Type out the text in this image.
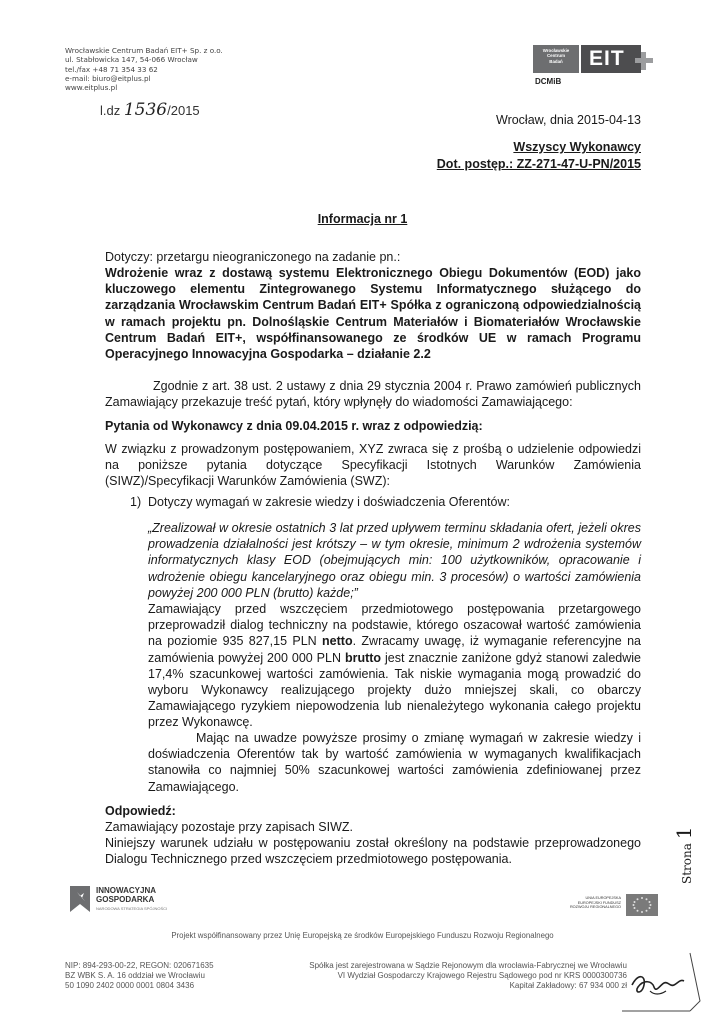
Wrocławskie Centrum Badań EIT+ Sp. z o.o.
ul. Stabłowicka 147, 54-066 Wrocław
tel./fax +48 71 354 33 62
e-mail: biuro@eitplus.pl
www.eitplus.pl
l.dz 1536/2015
Wrocławskie
Centrum
Badań	EIT
DCMiB
Wrocław, dnia 2015-04-13
Wszyscy Wykonawcy
Dot. postęp.: ZZ-271-47-U-PN/2015
Informacja nr 1
Dotyczy: przetargu nieograniczonego na zadanie pn.:
Wdrożenie wraz z dostawą systemu Elektronicznego Obiegu Dokumentów (EOD) jako kluczowego elementu Zintegrowanego Systemu Informatycznego służącego do zarządzania Wrocławskim Centrum Badań EIT+ Spółka z ograniczoną odpowiedzialnością w ramach projektu pn. Dolnośląskie Centrum Materiałów i Biomateriałów Wrocławskie Centrum Badań EIT+, współfinansowanego ze środków UE w ramach Programu Operacyjnego Innowacyjna Gospodarka – działanie 2.2
Zgodnie z art. 38 ust. 2 ustawy z dnia 29 stycznia 2004 r. Prawo zamówień publicznych Zamawiający przekazuje treść pytań, który wpłynęły do wiadomości Zamawiającego:
Pytania od Wykonawcy z dnia 09.04.2015 r. wraz z odpowiedzią:
W związku z prowadzonym postępowaniem, XYZ zwraca się z prośbą o udzielenie odpowiedzi na poniższe pytania dotyczące Specyfikacji Istotnych Warunków Zamówienia (SIWZ)/Specyfikacji Warunków Zamówienia (SWZ):
1) Dotyczy wymagań w zakresie wiedzy i doświadczenia Oferentów:
„Zrealizował w okresie ostatnich 3 lat przed upływem terminu składania ofert, jeżeli okres prowadzenia działalności jest krótszy – w tym okresie, minimum 2 wdrożenia systemów informatycznych klasy EOD (obejmujących min: 100 użytkowników, opracowanie i wdrożenie obiegu kancelaryjnego oraz obiegu min. 3 procesów) o wartości zamówienia powyżej 200 000 PLN (brutto) każde;”
Zamawiający przed wszczęciem przedmiotowego postępowania przetargowego przeprowadził dialog techniczny na podstawie, którego oszacował wartość zamówienia na poziomie 935 827,15 PLN netto. Zwracamy uwagę, iż wymaganie referencyjne na zamówienia powyżej 200 000 PLN brutto jest znacznie zaniżone gdyż stanowi zaledwie 17,4% szacunkowej wartości zamówienia. Tak niskie wymagania mogą prowadzić do wyboru Wykonawcy realizującego projekty dużo mniejszej skali, co obarczy Zamawiającego ryzykiem niepowodzenia lub nienależytego wykonania całego projektu przez Wykonawcę.
Mając na uwadze powyższe prosimy o zmianę wymagań w zakresie wiedzy i doświadczenia Oferentów tak by wartość zamówienia w wymaganych kwalifikacjach stanowiła co najmniej 50% szacunkowej wartości zamówienia zdefiniowanej przez Zamawiającego.
Odpowiedź:
Zamawiający pozostaje przy zapisach SIWZ.
Niniejszy warunek udziału w postępowaniu został określony na podstawie przeprowadzonego Dialogu Technicznego przed wszczęciem przedmiotowego postępowania.	Strona 1
INNOWACYJNA
GOSPODARKA
NARODOWA STRATEGIA SPÓJNOŚCI
UNIA EUROPEJSKA
EUROPEJSKI FUNDUSZ
ROZWOJU REGIONALNEGO
Projekt współfinansowany przez Unię Europejską ze środków Europejskiego Funduszu Rozwoju Regionalnego
NIP: 894-293-00-22, REGON: 020671635
BZ WBK S. A. 16 oddział we Wrocławiu
50 1090 2402 0000 0001 0804 3436
Spółka jest zarejestrowana w Sądzie Rejonowym dla wrocławia-Fabrycznej we Wrocławiu
VI Wydział Gospodarczy Krajowego Rejestru Sądowego pod nr KRS 0000300736
Kapitał Zakładowy: 67 934 000 zł
